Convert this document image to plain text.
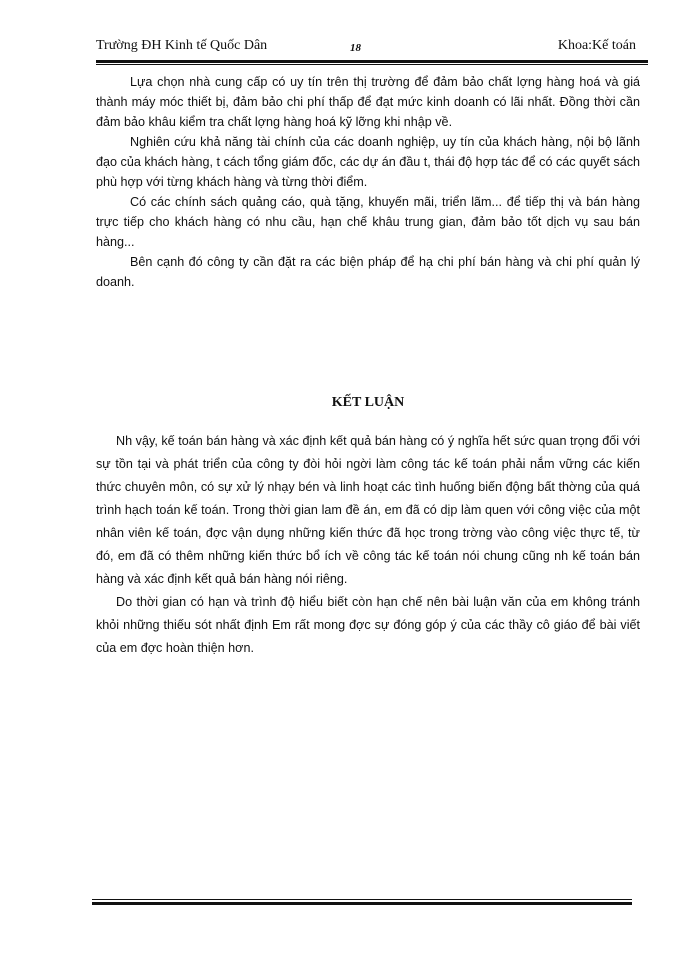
Trường ĐH Kinh tế Quốc Dân	18	Khoa:Kế toán

Lựa chọn nhà cung cấp có uy tín trên thị trường để đảm bảo chất lợng hàng hoá và giá thành máy móc thiết bị, đảm bảo chi phí thấp để đạt mức kinh doanh có lãi nhất. Đồng thời cần đảm bảo khâu kiểm tra chất lợng hàng hoá kỹ lỡng khi nhập về.

Nghiên cứu khả năng tài chính của các doanh nghiệp, uy tín của khách hàng, nội bộ lãnh đạo của khách hàng, t cách tổng giám đốc, các dự án đầu t, thái độ hợp tác để có các quyết sách phù hợp với từng khách hàng và từng thời điểm.

Có các chính sách quảng cáo, quà tặng, khuyến mãi, triển lãm... để tiếp thị và bán hàng trực tiếp cho khách hàng có nhu cầu, hạn chế khâu trung gian, đảm bảo tốt dịch vụ sau bán hàng...

Bên cạnh đó công ty cần đặt ra các biện pháp để hạ chi phí bán hàng và chi phí quản lý doanh.

KẾT LUẬN

Nh vậy, kế toán bán hàng và xác định kết quả bán hàng có ý nghĩa hết sức quan trọng đối với sự tồn tại và phát triển của công ty đòi hỏi ngời làm công tác kế toán phải nắm vững các kiến thức chuyên môn, có sự xử lý nhạy bén và linh hoạt các tình huống biến động bất thờng của quá trình hạch toán kế toán. Trong thời gian lam đề án, em đã có dịp làm quen với công việc của một nhân viên kế toán, đợc vận dụng những kiến thức đã học trong trờng vào công việc thực tế, từ đó, em đã có thêm những kiến thức bổ ích về công tác kế toán nói chung cũng nh kế toán bán hàng và xác định kết quả bán hàng nói riêng.

Do thời gian có hạn và trình độ hiểu biết còn hạn chế nên bài luận văn của em không tránh khỏi những thiếu sót nhất định Em rất mong đợc sự đóng góp ý của các thầy cô giáo để bài viết của em đợc hoàn thiện hơn.
